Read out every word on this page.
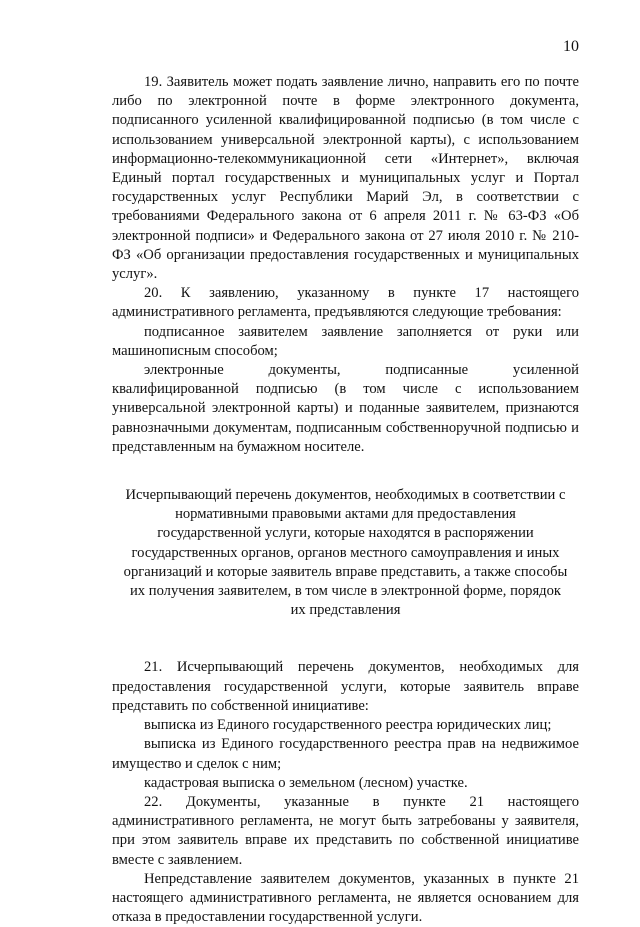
10

19. Заявитель может подать заявление лично, направить его по почте либо по электронной почте в форме электронного документа, подписанного усиленной квалифицированной подписью (в том числе с использованием универсальной электронной карты), с использованием информационно-телекоммуникационной сети «Интернет», включая Единый портал государственных и муниципальных услуг и Портал государственных услуг Республики Марий Эл, в соответствии с требованиями Федерального закона от 6 апреля 2011 г. № 63-ФЗ «Об электронной подписи» и Федерального закона от 27 июля 2010 г. № 210-ФЗ «Об организации предоставления государственных и муниципальных услуг».

20. К заявлению, указанному в пункте 17 настоящего административного регламента, предъявляются следующие требования:

подписанное заявителем заявление заполняется от руки или машинописным способом;

электронные документы, подписанные усиленной квалифицированной подписью (в том числе с использованием универсальной электронной карты) и поданные заявителем, признаются равнозначными документам, подписанным собственноручной подписью и представленным на бумажном носителе.

Исчерпывающий перечень документов, необходимых в соответствии с нормативными правовыми актами для предоставления государственной услуги, которые находятся в распоряжении государственных органов, органов местного самоуправления и иных организаций и которые заявитель вправе представить, а также способы их получения заявителем, в том числе в электронной форме, порядок их представления

21. Исчерпывающий перечень документов, необходимых для предоставления государственной услуги, которые заявитель вправе представить по собственной инициативе:

выписка из Единого государственного реестра юридических лиц;

выписка из Единого государственного реестра прав на недвижимое имущество и сделок с ним;

кадастровая выписка о земельном (лесном) участке.

22. Документы, указанные в пункте 21 настоящего административного регламента, не могут быть затребованы у заявителя, при этом заявитель вправе их представить по собственной инициативе вместе с заявлением.

Непредставление заявителем документов, указанных в пункте 21 настоящего административного регламента, не является основанием для отказа в предоставлении государственной услуги.
